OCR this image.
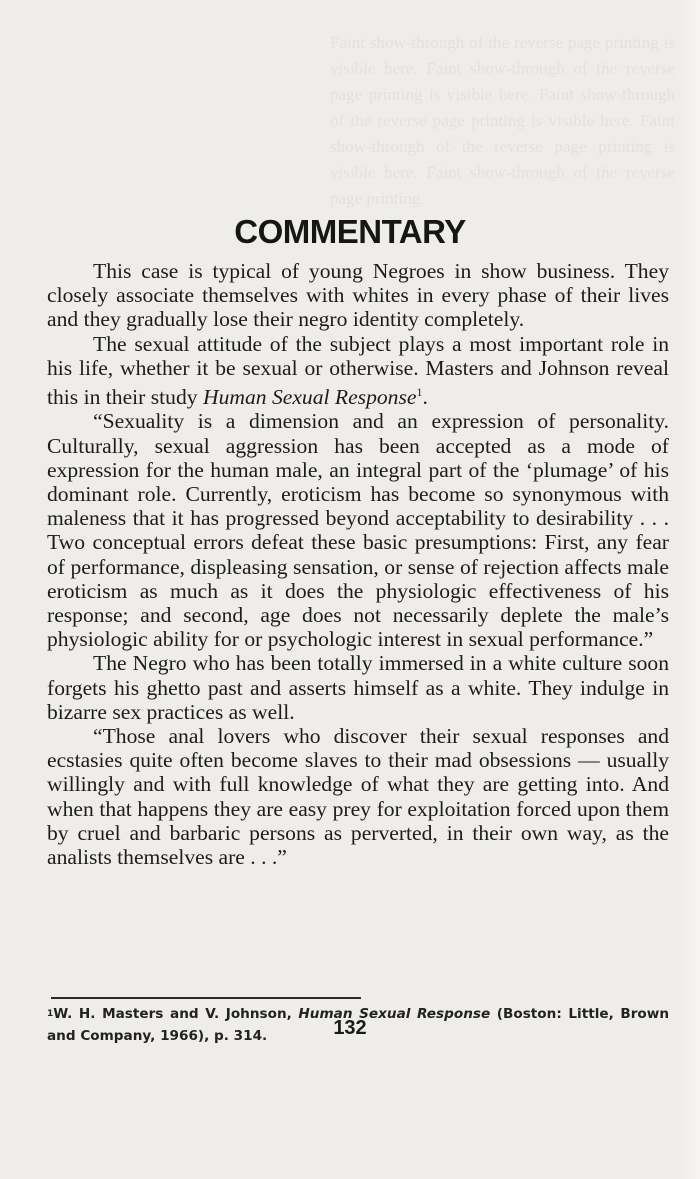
Faint show-through of the reverse page printing is visible here. Faint show-through of the reverse page printing is visible here. Faint show-through of the reverse page printing is visible here. Faint show-through of the reverse page printing is visible here. Faint show-through of the reverse page printing.
COMMENTARY

This case is typical of young Negroes in show business. They closely associate themselves with whites in every phase of their lives and they gradually lose their negro identity completely.

The sexual attitude of the subject plays a most important role in his life, whether it be sexual or otherwise. Masters and Johnson reveal this in their study Human Sexual Response$^1$.

“Sexuality is a dimension and an expression of personality. Culturally, sexual aggression has been accepted as a mode of expression for the human male, an integral part of the ‘plumage’ of his dominant role. Currently, eroticism has become so synonymous with maleness that it has progressed beyond acceptability to desirability . . . Two conceptual errors defeat these basic presumptions: First, any fear of performance, displeasing sensation, or sense of rejection affects male eroticism as much as it does the physiologic effectiveness of his response; and second, age does not necessarily deplete the male’s physiologic ability for or psychologic interest in sexual performance.”

The Negro who has been totally immersed in a white culture soon forgets his ghetto past and asserts himself as a white. They indulge in bizarre sex practices as well.

“Those anal lovers who discover their sexual responses and ecstasies quite often become slaves to their mad obsessions — usually willingly and with full knowledge of what they are getting into. And when that happens they are easy prey for exploitation forced upon them by cruel and barbaric persons as perverted, in their own way, as the analists themselves are . . .”

1W. H. Masters and V. Johnson, Human Sexual Response (Boston: Little, Brown and Company, 1966), p. 314.	132
